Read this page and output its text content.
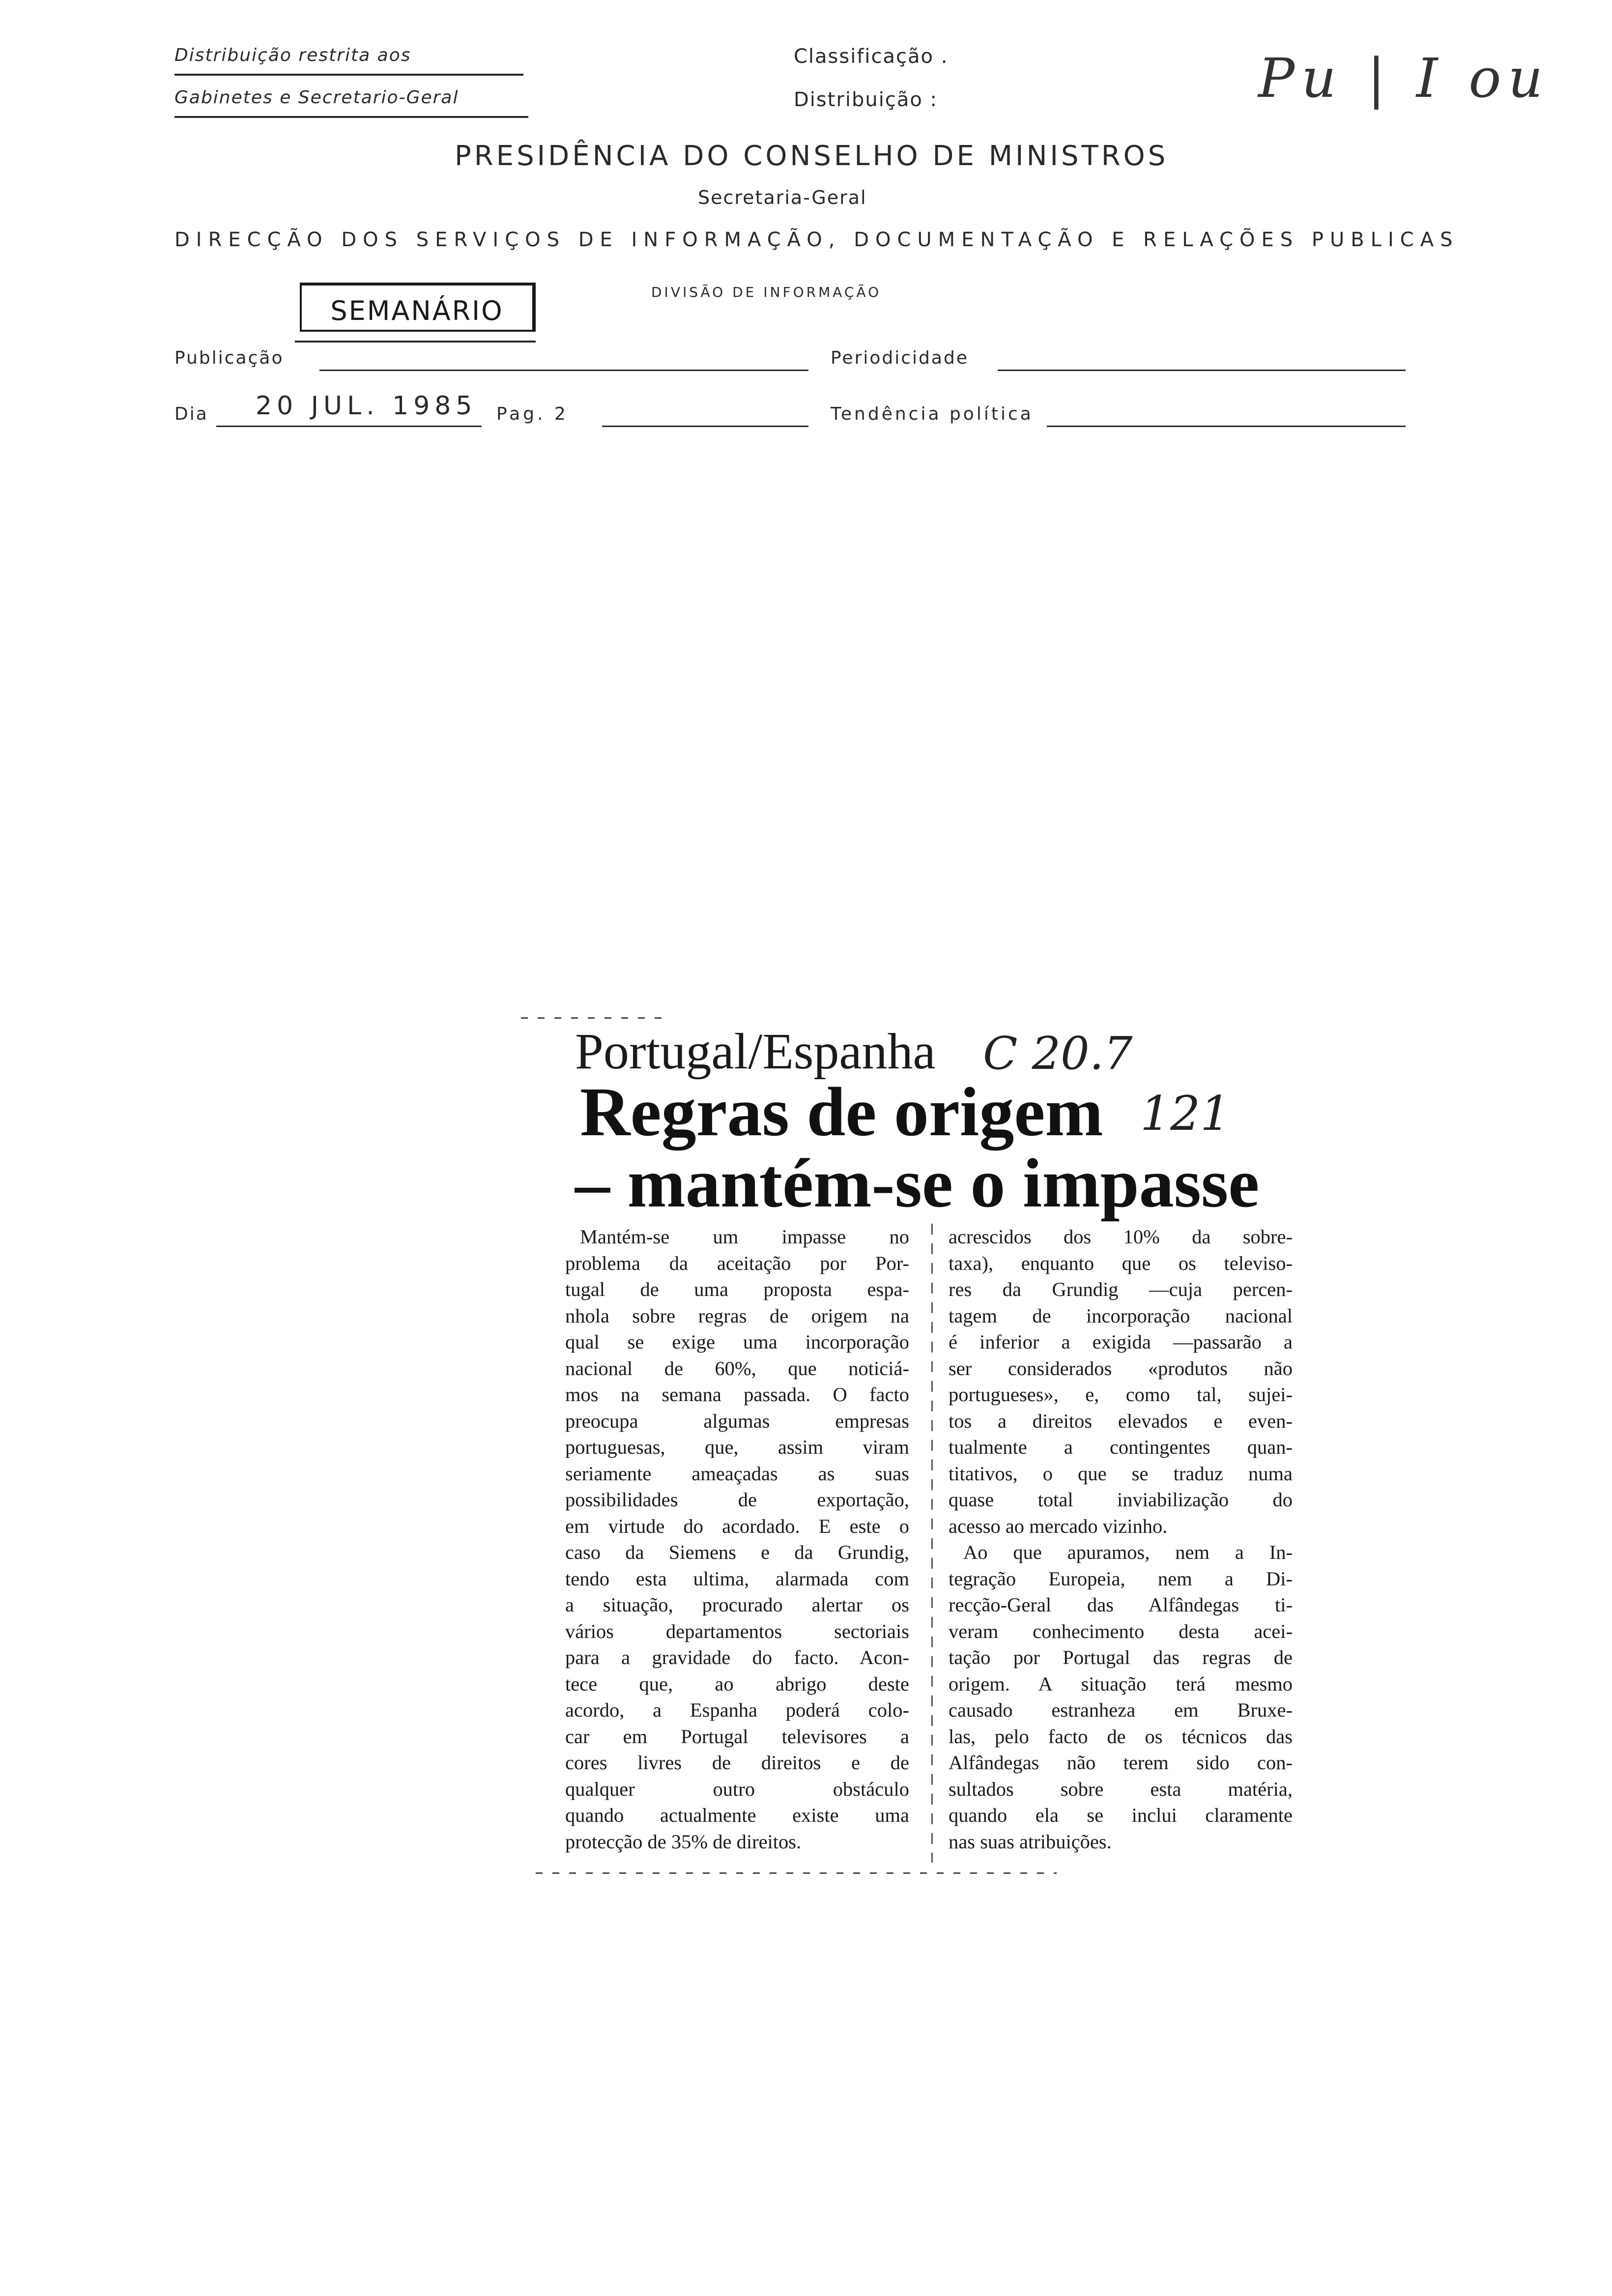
Distribuição restrita aos
Gabinetes e Secretario-Geral
Classificação .
Distribuição :	Pu | I ou
PRESIDÊNCIA DO CONSELHO DE MINISTROS
Secretaria-Geral
DIRECÇÃO DOS SERVIÇOS DE INFORMAÇÃO, DOCUMENTAÇÃO E RELAÇÕES PUBLICAS
DIVISÃO DE INFORMAÇÃO
SEMANÁRIO
Publicação	Periodicidade
Dia 20 JUL. 1985 Pag. 2	Tendência política
Portugal/Espanha C 20.7
Regras de origem 121
– mantém-se o impasse
Mantém-se um impasse no
problema da aceitação por Por-
tugal de uma proposta espa-
nhola sobre regras de origem na
qual se exige uma incorporação
nacional de 60%, que noticiá-
mos na semana passada. O facto
preocupa algumas empresas
portuguesas, que, assim viram
seriamente ameaçadas as suas
possibilidades de exportação,
em virtude do acordado. E este o
caso da Siemens e da Grundig,
tendo esta ultima, alarmada com
a situação, procurado alertar os
vários departamentos sectoriais
para a gravidade do facto. Acon-
tece que, ao abrigo deste
acordo, a Espanha poderá colo-
car em Portugal televisores a
cores livres de direitos e de
qualquer outro obstáculo
quando actualmente existe uma
protecção de 35% de direitos.
acrescidos dos 10% da sobre-
taxa), enquanto que os televiso-
res da Grundig —cuja percen-
tagem de incorporação nacional
é inferior a exigida —passarão a
ser considerados «produtos não
portugueses», e, como tal, sujei-
tos a direitos elevados e even-
tualmente a contingentes quan-
titativos, o que se traduz numa
quase total inviabilização do
acesso ao mercado vizinho.
Ao que apuramos, nem a In-
tegração Europeia, nem a Di-
recção-Geral das Alfândegas ti-
veram conhecimento desta acei-
tação por Portugal das regras de
origem. A situação terá mesmo
causado estranheza em Bruxe-
las, pelo facto de os técnicos das
Alfândegas não terem sido con-
sultados sobre esta matéria,
quando ela se inclui claramente
nas suas atribuições.
